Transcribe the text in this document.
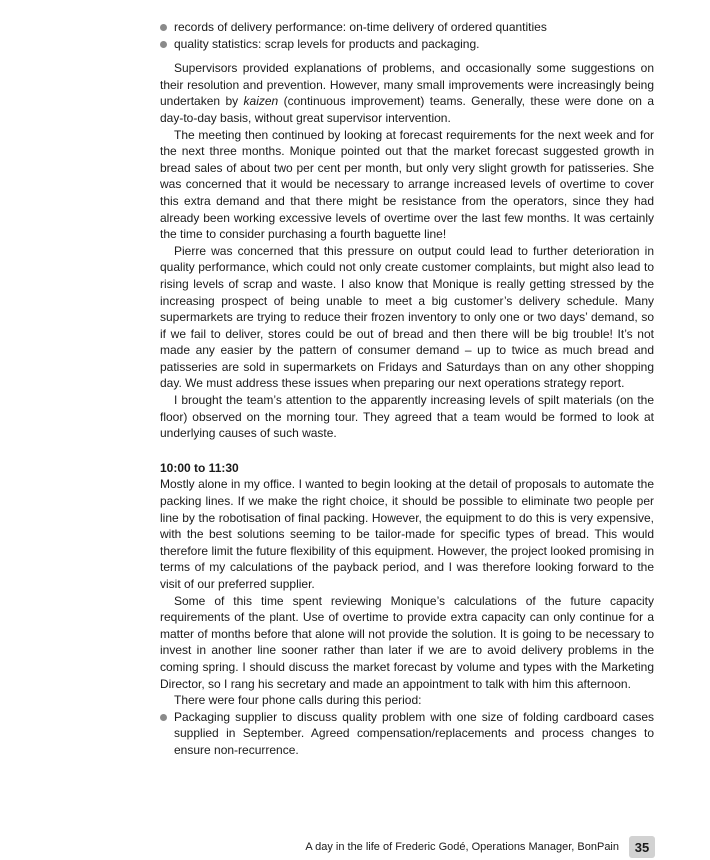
records of delivery performance: on-time delivery of ordered quantities
quality statistics: scrap levels for products and packaging.

Supervisors provided explanations of problems, and occasionally some suggestions on their resolution and prevention. However, many small improvements were increasingly being undertaken by kaizen (continuous improvement) teams. Generally, these were done on a day-to-day basis, without great supervisor intervention.

The meeting then continued by looking at forecast requirements for the next week and for the next three months. Monique pointed out that the market forecast suggested growth in bread sales of about two per cent per month, but only very slight growth for patisseries. She was concerned that it would be necessary to arrange increased levels of overtime to cover this extra demand and that there might be resistance from the operators, since they had already been working excessive levels of overtime over the last few months. It was certainly the time to consider purchasing a fourth baguette line!

Pierre was concerned that this pressure on output could lead to further deterioration in quality performance, which could not only create customer complaints, but might also lead to rising levels of scrap and waste. I also know that Monique is really getting stressed by the increasing prospect of being unable to meet a big customer’s delivery schedule. Many supermarkets are trying to reduce their frozen inventory to only one or two days’ demand, so if we fail to deliver, stores could be out of bread and then there will be big trouble! It’s not made any easier by the pattern of consumer demand – up to twice as much bread and patisseries are sold in supermarkets on Fridays and Saturdays than on any other shopping day. We must address these issues when preparing our next operations strategy report.

I brought the team’s attention to the apparently increasing levels of spilt materials (on the floor) observed on the morning tour. They agreed that a team would be formed to look at underlying causes of such waste.

10:00 to 11:30

Mostly alone in my office. I wanted to begin looking at the detail of proposals to automate the packing lines. If we make the right choice, it should be possible to eliminate two people per line by the robotisation of final packing. However, the equipment to do this is very expensive, with the best solutions seeming to be tailor-made for specific types of bread. This would therefore limit the future flexibility of this equipment. However, the project looked promising in terms of my calculations of the payback period, and I was therefore looking forward to the visit of our preferred supplier.

Some of this time spent reviewing Monique’s calculations of the future capacity requirements of the plant. Use of overtime to provide extra capacity can only continue for a matter of months before that alone will not provide the solution. It is going to be necessary to invest in another line sooner rather than later if we are to avoid delivery problems in the coming spring. I should discuss the market forecast by volume and types with the Marketing Director, so I rang his secretary and made an appointment to talk with him this afternoon.

There were four phone calls during this period:

Packaging supplier to discuss quality problem with one size of folding cardboard cases supplied in September. Agreed compensation/replacements and process changes to ensure non-recurrence.
A day in the life of Frederic Godé, Operations Manager, BonPain	35
